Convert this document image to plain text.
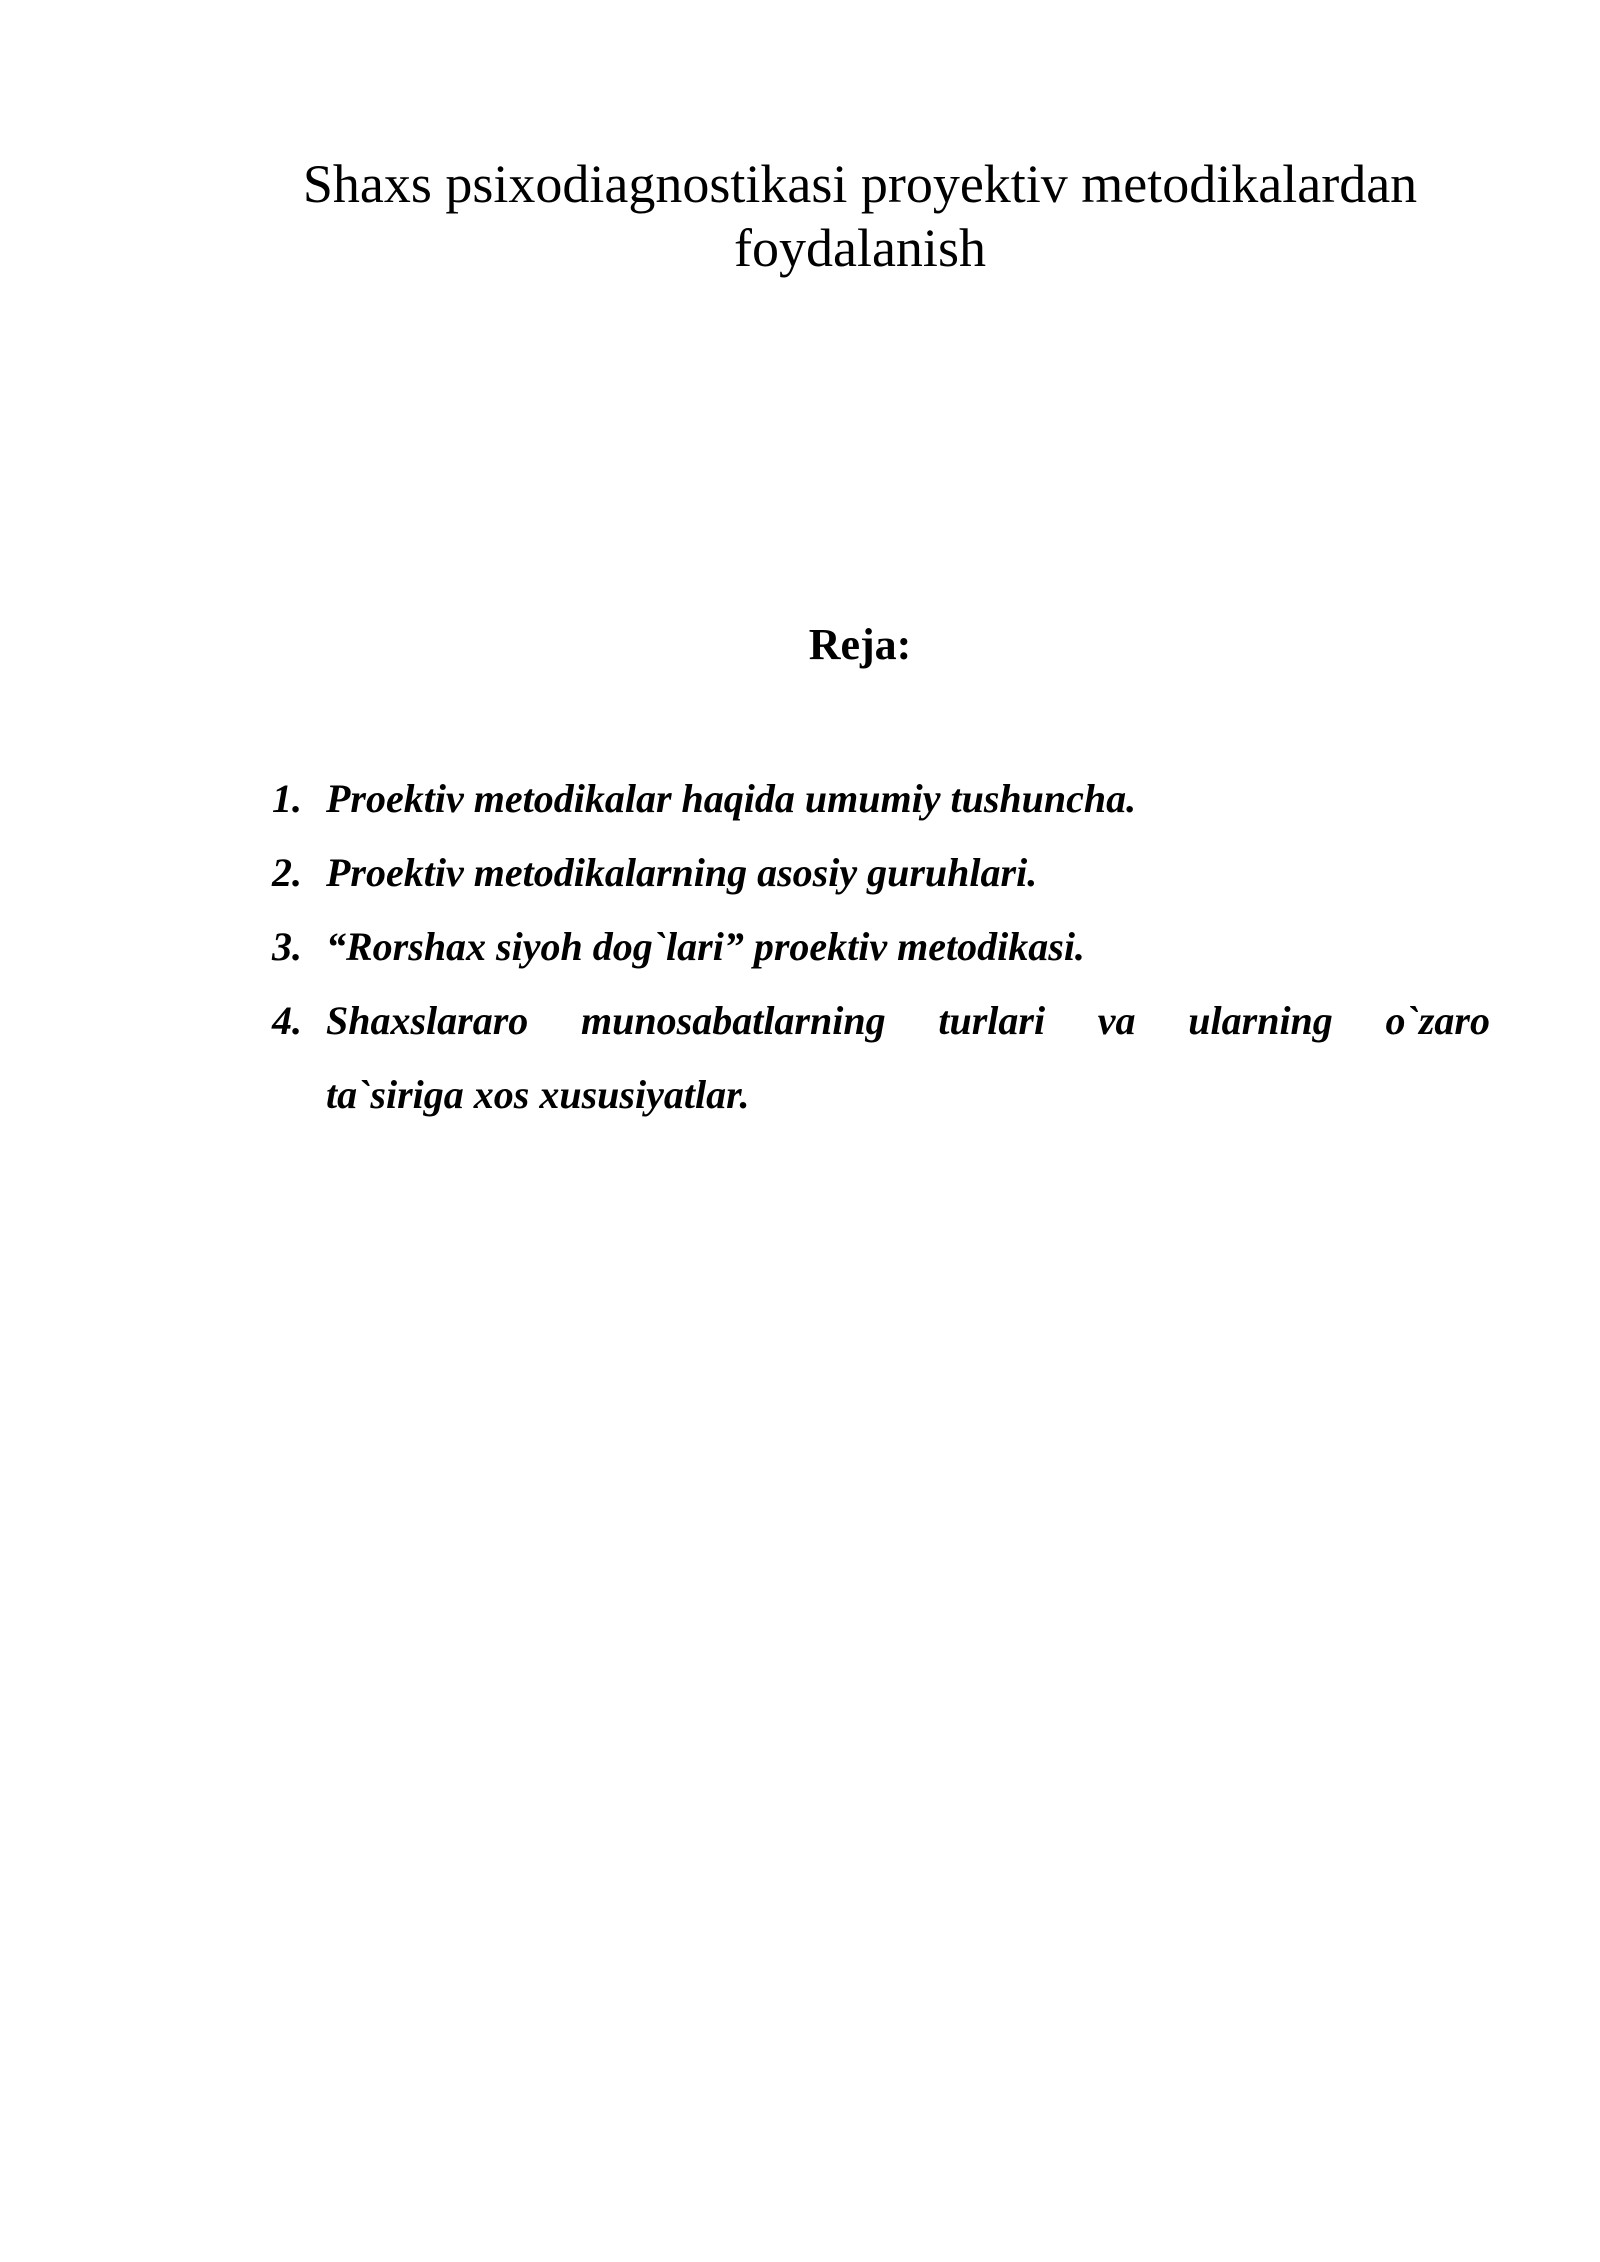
Shaxs psixodiagnostikasi proyektiv metodikalardan
foydalanish
Reja:
1. Proektiv metodikalar haqida umumiy tushuncha.
2. Proektiv metodikalarning asosiy guruhlari.
3. “Rorshax siyoh dog`lari” proektiv metodikasi.
4. Shaxslararo munosabatlarning turlari va ularning o`zaro
ta`siriga xos xususiyatlar.
